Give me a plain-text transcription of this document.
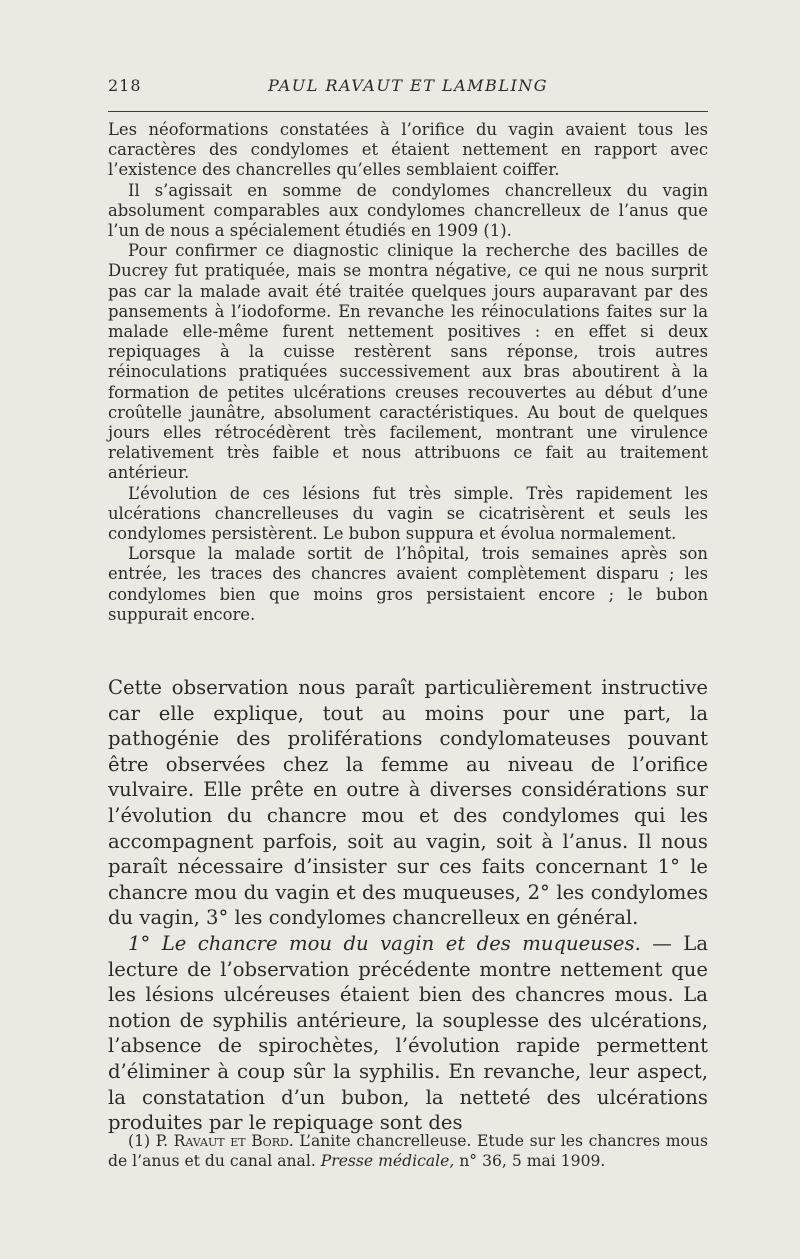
218	PAUL RAVAUT ET LAMBLING

Les néoformations constatées à l’orifice du vagin avaient tous les caractères des condylomes et étaient nettement en rapport avec l’existence des chancrelles qu’elles semblaient coiffer.

Il s’agissait en somme de condylomes chancrelleux du vagin absolument comparables aux condylomes chancrelleux de l’anus que l’un de nous a spécialement étudiés en 1909 (1).

Pour confirmer ce diagnostic clinique la recherche des bacilles de Ducrey fut pratiquée, mais se montra négative, ce qui ne nous surprit pas car la malade avait été traitée quelques jours auparavant par des pansements à l’iodoforme. En revanche les réinoculations faites sur la malade elle-même furent nettement positives : en effet si deux repiquages à la cuisse restèrent sans réponse, trois autres réinoculations pratiquées successivement aux bras aboutirent à la formation de petites ulcérations creuses recouvertes au début d’une croûtelle jaunâtre, absolument caractéristiques. Au bout de quelques jours elles rétrocédèrent très facilement, montrant une virulence relativement très faible et nous attribuons ce fait au traitement antérieur.

L’évolution de ces lésions fut très simple. Très rapidement les ulcérations chancrelleuses du vagin se cicatrisèrent et seuls les condylomes persistèrent. Le bubon suppura et évolua normalement.

Lorsque la malade sortit de l’hôpital, trois semaines après son entrée, les traces des chancres avaient complètement disparu ; les condylomes bien que moins gros persistaient encore ; le bubon suppurait encore.

Cette observation nous paraît particulièrement instructive car elle explique, tout au moins pour une part, la pathogénie des proliférations condylomateuses pouvant être observées chez la femme au niveau de l’orifice vulvaire. Elle prête en outre à diverses considérations sur l’évolution du chancre mou et des condylomes qui les accompagnent parfois, soit au vagin, soit à l’anus. Il nous paraît nécessaire d’insister sur ces faits concernant 1° le chancre mou du vagin et des muqueuses, 2° les condylomes du vagin, 3° les condylomes chancrelleux en général.

1° Le chancre mou du vagin et des muqueuses. — La lecture de l’observation précédente montre nettement que les lésions ulcéreuses étaient bien des chancres mous. La notion de syphilis antérieure, la souplesse des ulcérations, l’absence de spirochètes, l’évolution rapide permettent d’éliminer à coup sûr la syphilis. En revanche, leur aspect, la constatation d’un bubon, la netteté des ulcérations produites par le repiquage sont des

(1) P. Ravaut et Bord. L’anite chancrelleuse. Etude sur les chancres mous de l’anus et du canal anal. Presse médicale, n° 36, 5 mai 1909.
